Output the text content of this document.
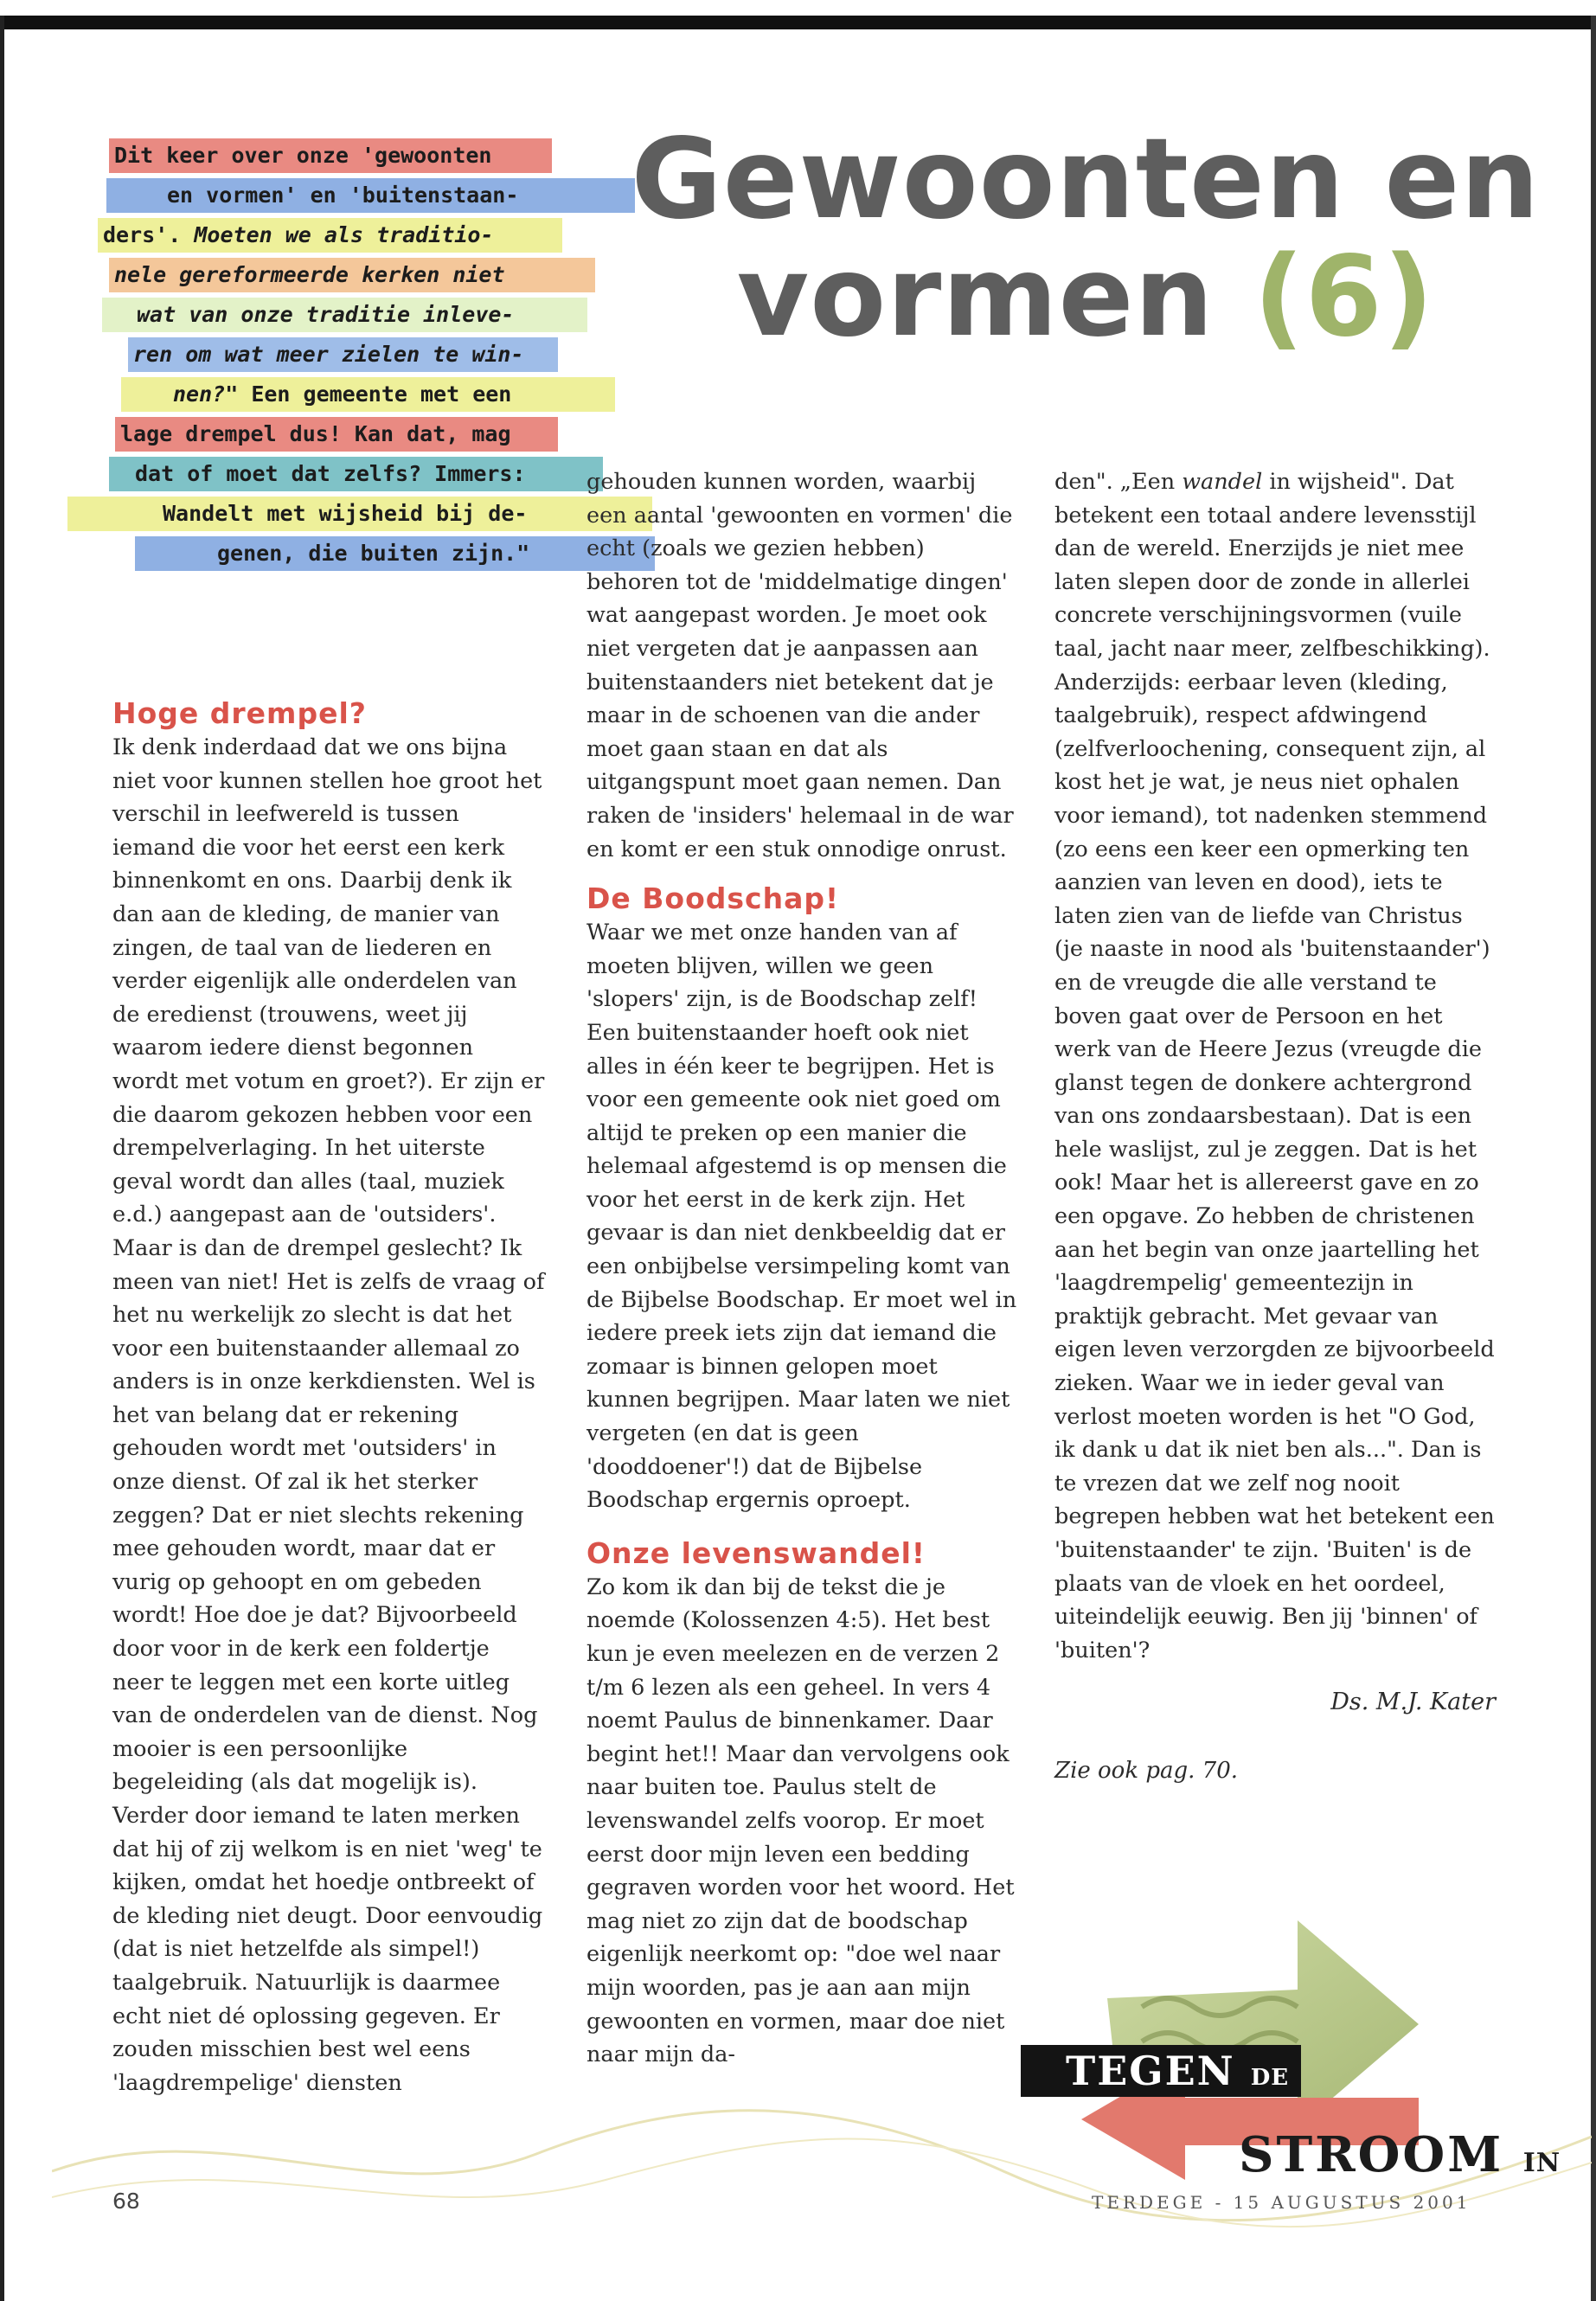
Dit keer over onze 'gewoonten
en vormen' en 'buitenstaan-
ders'. Moeten we als traditio-
nele gereformeerde kerken niet
wat van onze traditie inleve-
ren om wat meer zielen te win-
nen?" Een gemeente met een
lage drempel dus! Kan dat, mag
dat of moet dat zelfs? Immers:
Wandelt met wijsheid bij de-
genen, die buiten zijn."
Gewoonten en
vormen (6)
Hoge drempel?

Ik denk inderdaad dat we ons bijna niet voor kunnen stellen hoe groot het verschil in leefwereld is tussen iemand die voor het eerst een kerk binnenkomt en ons. Daarbij denk ik dan aan de kleding, de manier van zingen, de taal van de liederen en verder eigenlijk alle onderdelen van de eredienst (trouwens, weet jij waarom iedere dienst begonnen wordt met votum en groet?). Er zijn er die daarom gekozen hebben voor een drempelverlaging. In het uiterste geval wordt dan alles (taal, muziek e.d.) aangepast aan de 'outsiders'. Maar is dan de drempel geslecht? Ik meen van niet! Het is zelfs de vraag of het nu werkelijk zo slecht is dat het voor een buitenstaander allemaal zo anders is in onze kerkdiensten. Wel is het van belang dat er rekening gehouden wordt met 'outsiders' in onze dienst. Of zal ik het sterker zeggen? Dat er niet slechts rekening mee gehouden wordt, maar dat er vurig op gehoopt en om gebeden wordt! Hoe doe je dat? Bijvoorbeeld door voor in de kerk een foldertje neer te leggen met een korte uitleg van de onderdelen van de dienst. Nog mooier is een persoonlijke begeleiding (als dat mogelijk is). Verder door iemand te laten merken dat hij of zij welkom is en niet 'weg' te kijken, omdat het hoedje ontbreekt of de kleding niet deugt. Door eenvoudig (dat is niet hetzelfde als simpel!) taalgebruik. Natuurlijk is daarmee echt niet dé oplossing gegeven. Er zouden misschien best wel eens 'laagdrempelige' diensten

gehouden kunnen worden, waarbij een aantal 'gewoonten en vormen' die echt (zoals we gezien hebben) behoren tot de 'middelmatige dingen' wat aangepast worden. Je moet ook niet vergeten dat je aanpassen aan buitenstaanders niet betekent dat je maar in de schoenen van die ander moet gaan staan en dat als uitgangspunt moet gaan nemen. Dan raken de 'insiders' helemaal in de war en komt er een stuk onnodige onrust.

De Boodschap!

Waar we met onze handen van af moeten blijven, willen we geen 'slopers' zijn, is de Boodschap zelf! Een buitenstaander hoeft ook niet alles in één keer te begrijpen. Het is voor een gemeente ook niet goed om altijd te preken op een manier die helemaal afgestemd is op mensen die voor het eerst in de kerk zijn. Het gevaar is dan niet denkbeeldig dat er een onbijbelse versimpeling komt van de Bijbelse Boodschap. Er moet wel in iedere preek iets zijn dat iemand die zomaar is binnen gelopen moet kunnen begrijpen. Maar laten we niet vergeten (en dat is geen 'dooddoener'!) dat de Bijbelse Boodschap ergernis oproept.

Onze levenswandel!

Zo kom ik dan bij de tekst die je noemde (Kolossenzen 4:5). Het best kun je even meelezen en de verzen 2 t/m 6 lezen als een geheel. In vers 4 noemt Paulus de binnenkamer. Daar begint het!! Maar dan vervolgens ook naar buiten toe. Paulus stelt de levenswandel zelfs voorop. Er moet eerst door mijn leven een bedding gegraven worden voor het woord. Het mag niet zo zijn dat de boodschap eigenlijk neerkomt op: "doe wel naar mijn woorden, pas je aan aan mijn gewoonten en vormen, maar doe niet naar mijn da-

den". „Een wandel in wijsheid". Dat betekent een totaal andere levensstijl dan de wereld. Enerzijds je niet mee laten slepen door de zonde in allerlei concrete verschijningsvormen (vuile taal, jacht naar meer, zelfbeschikking). Anderzijds: eerbaar leven (kleding, taalgebruik), respect afdwingend (zelfverloochening, consequent zijn, al kost het je wat, je neus niet ophalen voor iemand), tot nadenken stemmend (zo eens een keer een opmerking ten aanzien van leven en dood), iets te laten zien van de liefde van Christus (je naaste in nood als 'buitenstaander') en de vreugde die alle verstand te boven gaat over de Persoon en het werk van de Heere Jezus (vreugde die glanst tegen de donkere achtergrond van ons zondaarsbestaan). Dat is een hele waslijst, zul je zeggen. Dat is het ook! Maar het is allereerst gave en zo een opgave. Zo hebben de christenen aan het begin van onze jaartelling het 'laagdrempelig' gemeentezijn in praktijk gebracht. Met gevaar van eigen leven verzorgden ze bijvoorbeeld zieken. Waar we in ieder geval van verlost moeten worden is het "O God, ik dank u dat ik niet ben als...". Dan is te vrezen dat we zelf nog nooit begrepen hebben wat het betekent een 'buitenstaander' te zijn. 'Buiten' is de plaats van de vloek en het oordeel, uiteindelijk eeuwig. Ben jij 'binnen' of 'buiten'?

Ds. M.J. Kater

Zie ook pag. 70.

TEGEN DE
STROOM IN
68	TERDEGE - 15 AUGUSTUS 2001
